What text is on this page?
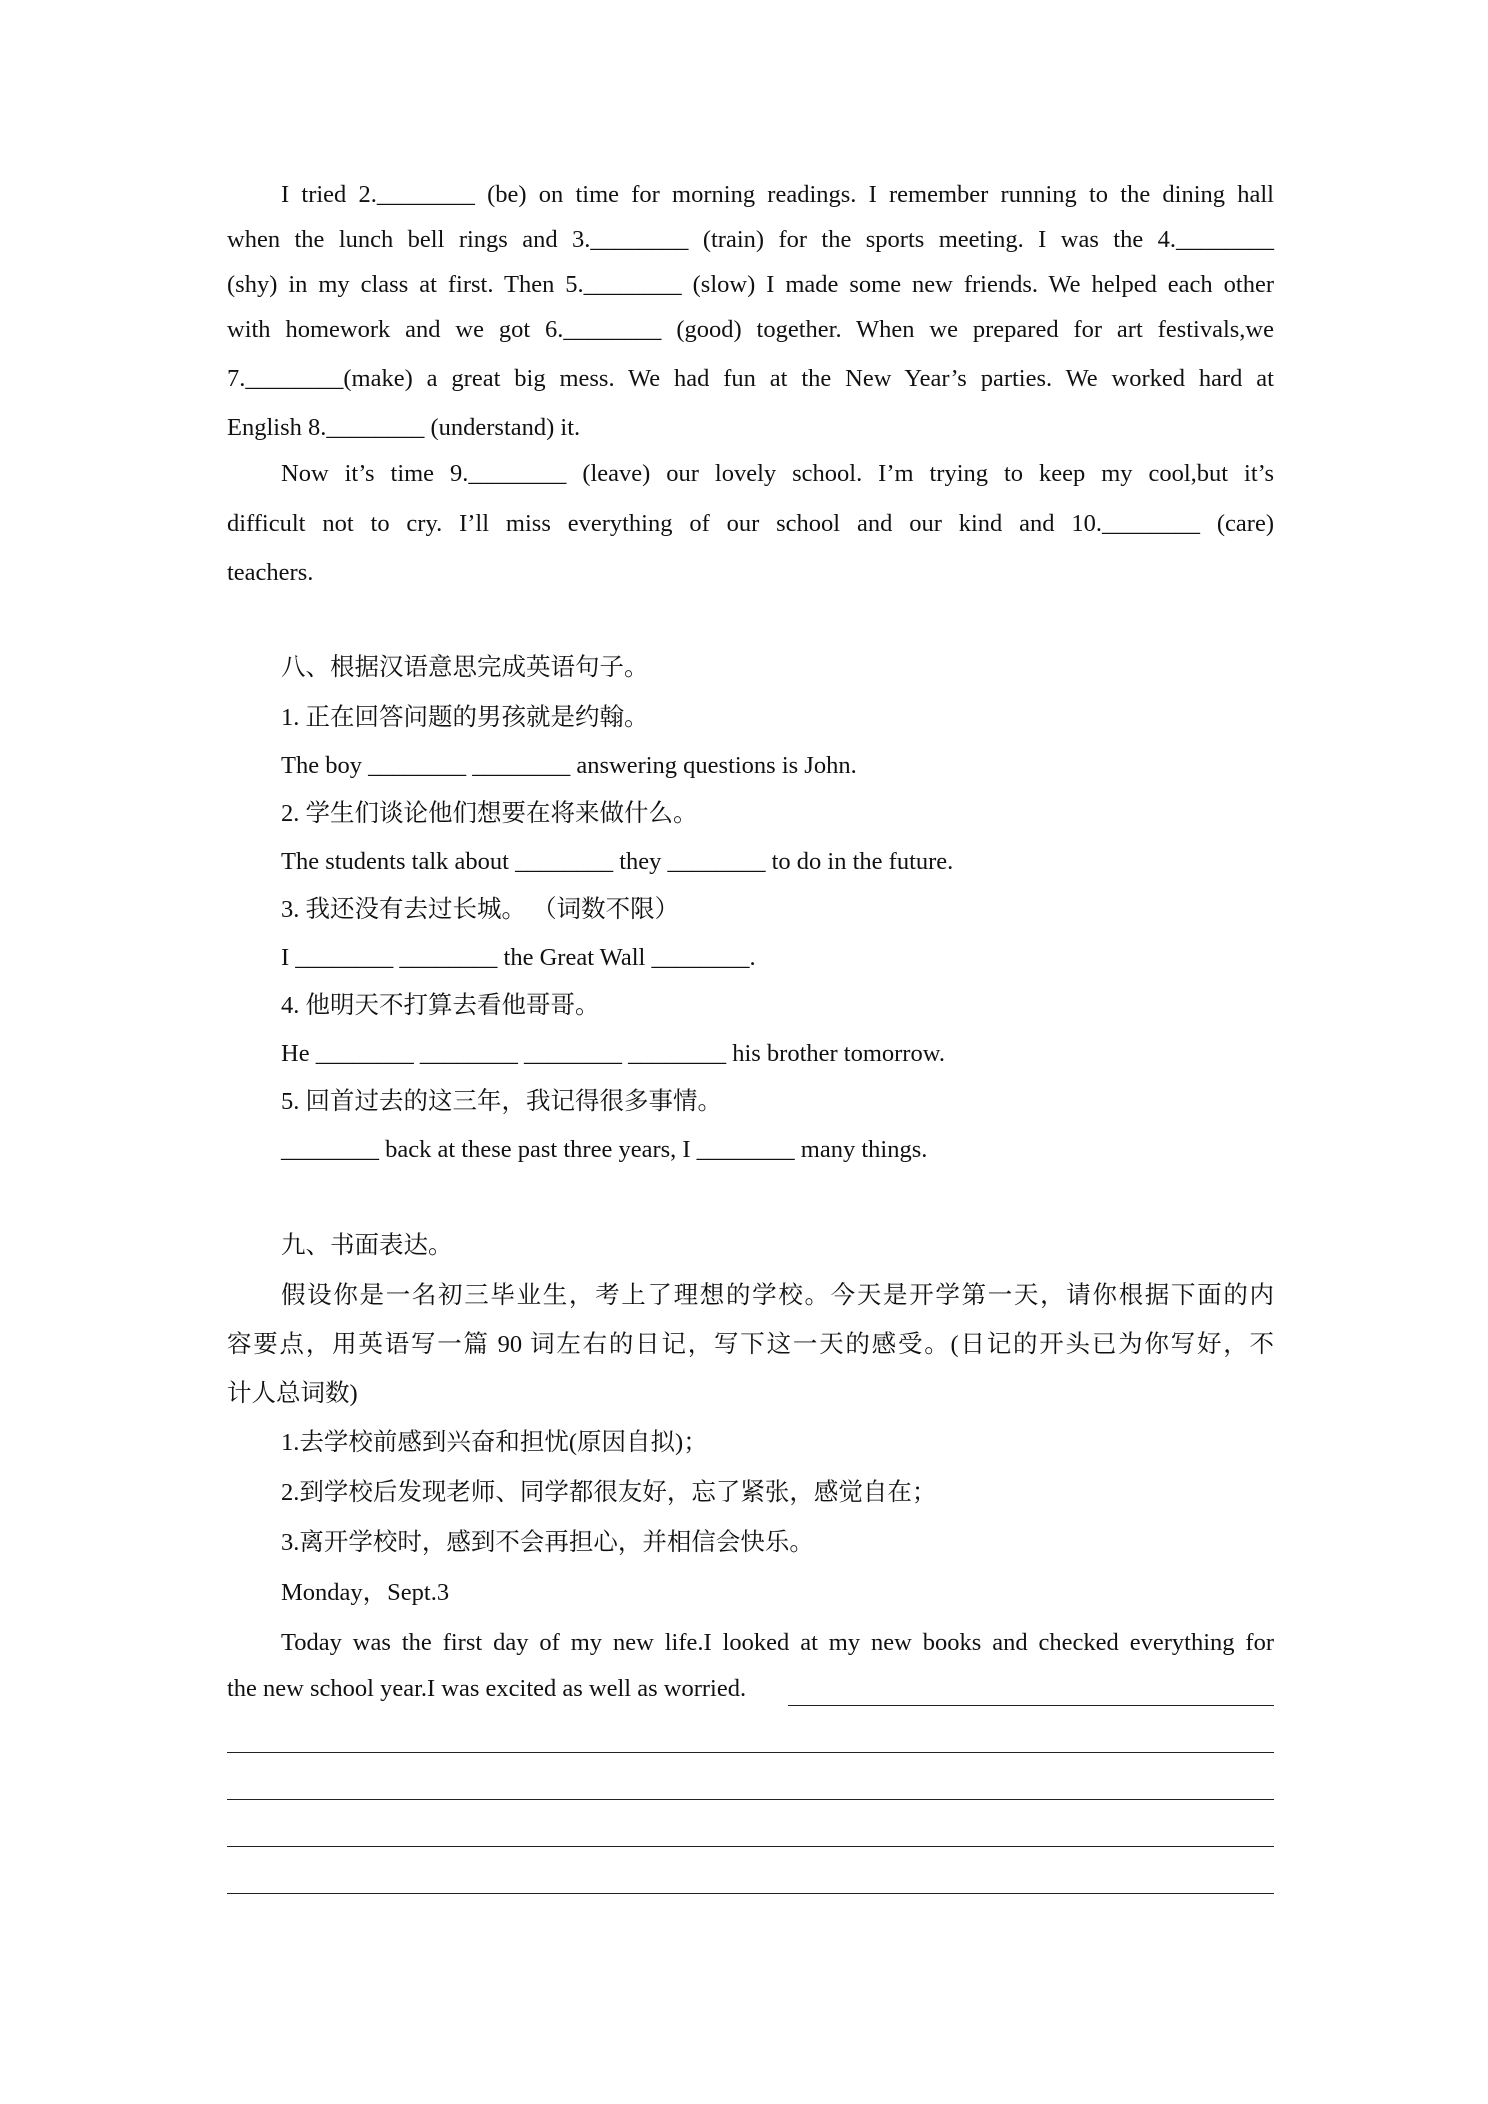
I tried 2.________ (be) on time for morning readings. I remember running to the dining hall
when the lunch bell rings and 3.________ (train) for the sports meeting. I was the 4.________
(shy) in my class at first. Then 5.________ (slow) I made some new friends. We helped each other
with homework and we got 6.________ (good) together. When we prepared for art festivals,we
7.________(make) a great big mess. We had fun at the New Year’s parties. We worked hard at
English 8.________ (understand) it.
Now it’s time 9.________ (leave) our lovely school. I’m trying to keep my cool,but it’s
difficult not to cry. I’ll miss everything of our school and our kind and 10.________ (care)
teachers.
八、根据汉语意思完成英语句子。
1. 正在回答问题的男孩就是约翰。
The boy ________ ________ answering questions is John.
2. 学生们谈论他们想要在将来做什么。
The students talk about ________ they ________ to do in the future.
3. 我还没有去过长城。 （词数不限）
I ________ ________ the Great Wall ________.
4. 他明天不打算去看他哥哥。
He ________ ________ ________ ________ his brother tomorrow.
5. 回首过去的这三年，我记得很多事情。
________ back at these past three years, I ________ many things.
九、书面表达。
假设你是一名初三毕业生，考上了理想的学校。今天是开学第一天，请你根据下面的内
容要点，用英语写一篇 90 词左右的日记，写下这一天的感受。(日记的开头已为你写好，不
计人总词数)
1.去学校前感到兴奋和担忧(原因自拟)；
2.到学校后发现老师、同学都很友好，忘了紧张，感觉自在；
3.离开学校时，感到不会再担心，并相信会快乐。
Monday，Sept.3
Today was the first day of my new life.I looked at my new books and checked everything for
the new school year.I was excited as well as worried.
